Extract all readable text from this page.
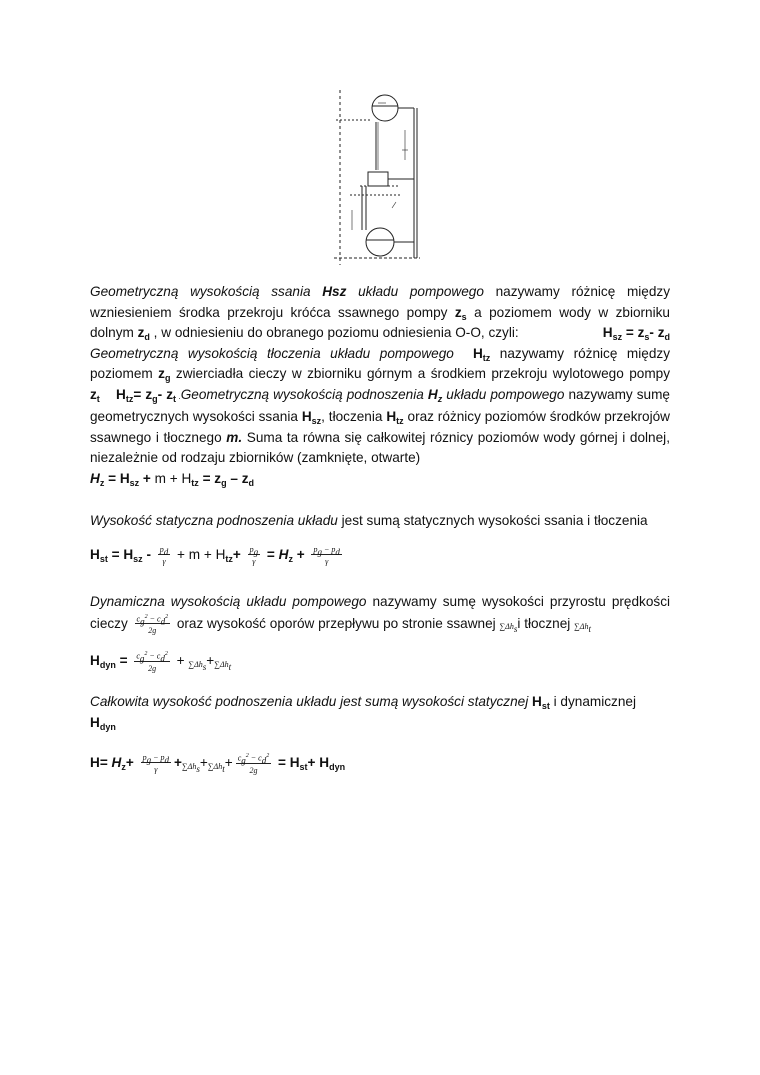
Geometryczną wysokością ssania Hsz układu pompowego nazywamy różnicę między wzniesieniem środka przekroju króćca ssawnego pompy $z_s$ a poziomem wody w zbiorniku dolnym $z_d$ , w odniesieniu do obranego poziomu odniesienia O-O, czyli:	$H_{sz} = z_s-$ $z_d$

Geometryczną wysokością tłoczenia układu pompowego $H_{tz}$ nazywamy różnicę między poziomem $z_g$ zwierciadła cieczy w zbiorniku górnym a środkiem przekroju wylotowego pompy $z_t$ $H_{tz}= z_g-$ $z_t$ .Geometryczną wysokością podnoszenia $H_z$ układu pompowego nazywamy sumę geometrycznych wysokości ssania $H_{sz}$, tłoczenia $H_{tz}$ oraz różnicy poziomów środków przekrojów ssawnego i tłocznego m. Suma ta równa się całkowitej róznicy poziomów wody górnej i dolnej, niezależnie od rodzaju zbiorników (zamknięte, otwarte)
$H_z = H_{sz} + m + H_{tz} = z_g - z_d$
Wysokość statyczna podnoszenia układu jest sumą statycznych wysokości ssania i tłoczenia
$H_{st} = H_{sz} - \frac{p_d}{\gamma} + m + H_{tz}+ \frac{p_g}{\gamma} = H_z + \frac{p_g - p_d}{\gamma}$
Dynamiczna wysokością układu pompowego nazywamy sumę wysokości przyrostu prędkości cieczy $\frac{c_g^2 - c_d^2}{2g}$ oraz wysokość oporów przepływu po stronie ssawnej $\sum\Delta h_si$ tłocznej $\sum\Delta h_t$
$H_{dyn} = \frac{c_g^2 - c_d^2}{2g} + \sum\Delta h_s+\sum\Delta h_t$
Całkowita wysokość podnoszenia układu jest sumą wysokości statycznej $H_{st}$ i dynamicznej
$H_{dyn}$
$H= H_z+ \frac{p_g - p_d}{\gamma} +\sum\Delta h_s+\sum\Delta h_t+ \frac{c_g^2 - c_d^2}{2g} = H_{st}+ H_{dyn}$
